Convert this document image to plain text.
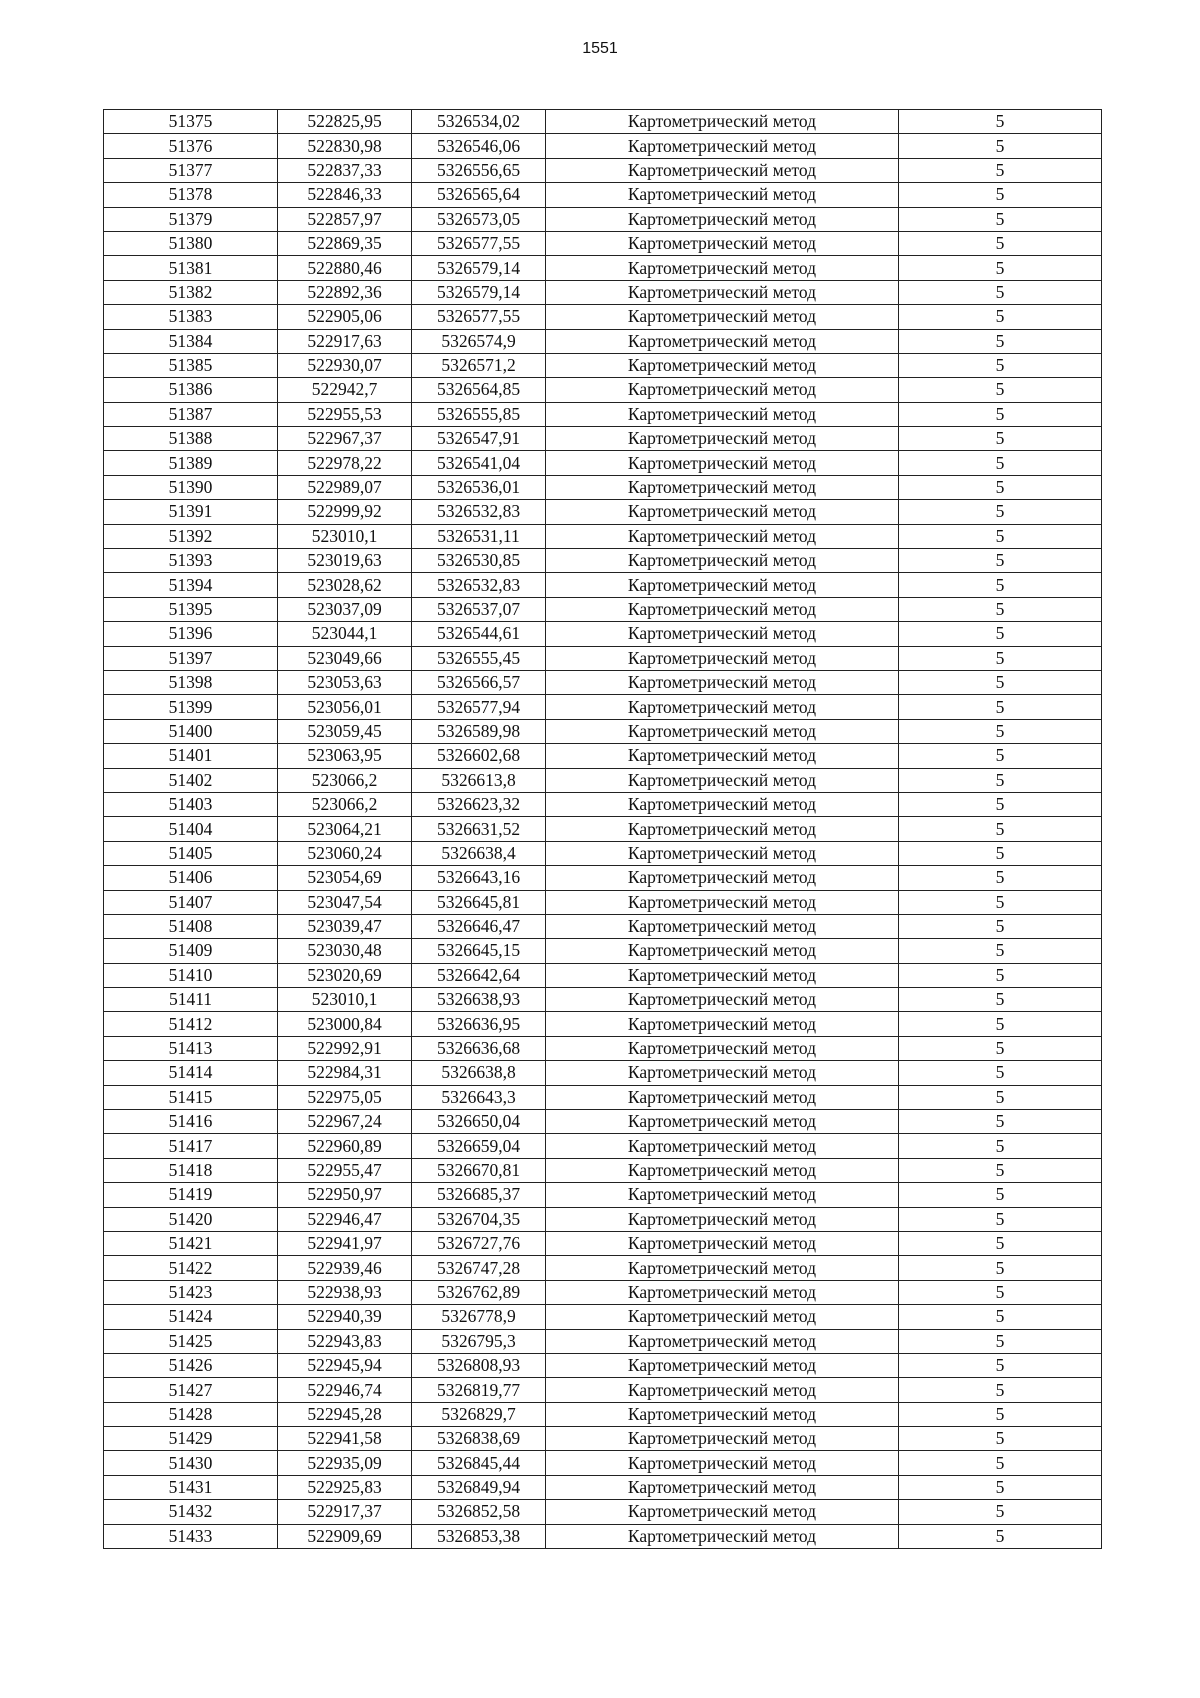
1551
51375	522825,95	5326534,02	Картометрический метод	5
51376	522830,98	5326546,06	Картометрический метод	5
51377	522837,33	5326556,65	Картометрический метод	5
51378	522846,33	5326565,64	Картометрический метод	5
51379	522857,97	5326573,05	Картометрический метод	5
51380	522869,35	5326577,55	Картометрический метод	5
51381	522880,46	5326579,14	Картометрический метод	5
51382	522892,36	5326579,14	Картометрический метод	5
51383	522905,06	5326577,55	Картометрический метод	5
51384	522917,63	5326574,9	Картометрический метод	5
51385	522930,07	5326571,2	Картометрический метод	5
51386	522942,7	5326564,85	Картометрический метод	5
51387	522955,53	5326555,85	Картометрический метод	5
51388	522967,37	5326547,91	Картометрический метод	5
51389	522978,22	5326541,04	Картометрический метод	5
51390	522989,07	5326536,01	Картометрический метод	5
51391	522999,92	5326532,83	Картометрический метод	5
51392	523010,1	5326531,11	Картометрический метод	5
51393	523019,63	5326530,85	Картометрический метод	5
51394	523028,62	5326532,83	Картометрический метод	5
51395	523037,09	5326537,07	Картометрический метод	5
51396	523044,1	5326544,61	Картометрический метод	5
51397	523049,66	5326555,45	Картометрический метод	5
51398	523053,63	5326566,57	Картометрический метод	5
51399	523056,01	5326577,94	Картометрический метод	5
51400	523059,45	5326589,98	Картометрический метод	5
51401	523063,95	5326602,68	Картометрический метод	5
51402	523066,2	5326613,8	Картометрический метод	5
51403	523066,2	5326623,32	Картометрический метод	5
51404	523064,21	5326631,52	Картометрический метод	5
51405	523060,24	5326638,4	Картометрический метод	5
51406	523054,69	5326643,16	Картометрический метод	5
51407	523047,54	5326645,81	Картометрический метод	5
51408	523039,47	5326646,47	Картометрический метод	5
51409	523030,48	5326645,15	Картометрический метод	5
51410	523020,69	5326642,64	Картометрический метод	5
51411	523010,1	5326638,93	Картометрический метод	5
51412	523000,84	5326636,95	Картометрический метод	5
51413	522992,91	5326636,68	Картометрический метод	5
51414	522984,31	5326638,8	Картометрический метод	5
51415	522975,05	5326643,3	Картометрический метод	5
51416	522967,24	5326650,04	Картометрический метод	5
51417	522960,89	5326659,04	Картометрический метод	5
51418	522955,47	5326670,81	Картометрический метод	5
51419	522950,97	5326685,37	Картометрический метод	5
51420	522946,47	5326704,35	Картометрический метод	5
51421	522941,97	5326727,76	Картометрический метод	5
51422	522939,46	5326747,28	Картометрический метод	5
51423	522938,93	5326762,89	Картометрический метод	5
51424	522940,39	5326778,9	Картометрический метод	5
51425	522943,83	5326795,3	Картометрический метод	5
51426	522945,94	5326808,93	Картометрический метод	5
51427	522946,74	5326819,77	Картометрический метод	5
51428	522945,28	5326829,7	Картометрический метод	5
51429	522941,58	5326838,69	Картометрический метод	5
51430	522935,09	5326845,44	Картометрический метод	5
51431	522925,83	5326849,94	Картометрический метод	5
51432	522917,37	5326852,58	Картометрический метод	5
51433	522909,69	5326853,38	Картометрический метод	5
